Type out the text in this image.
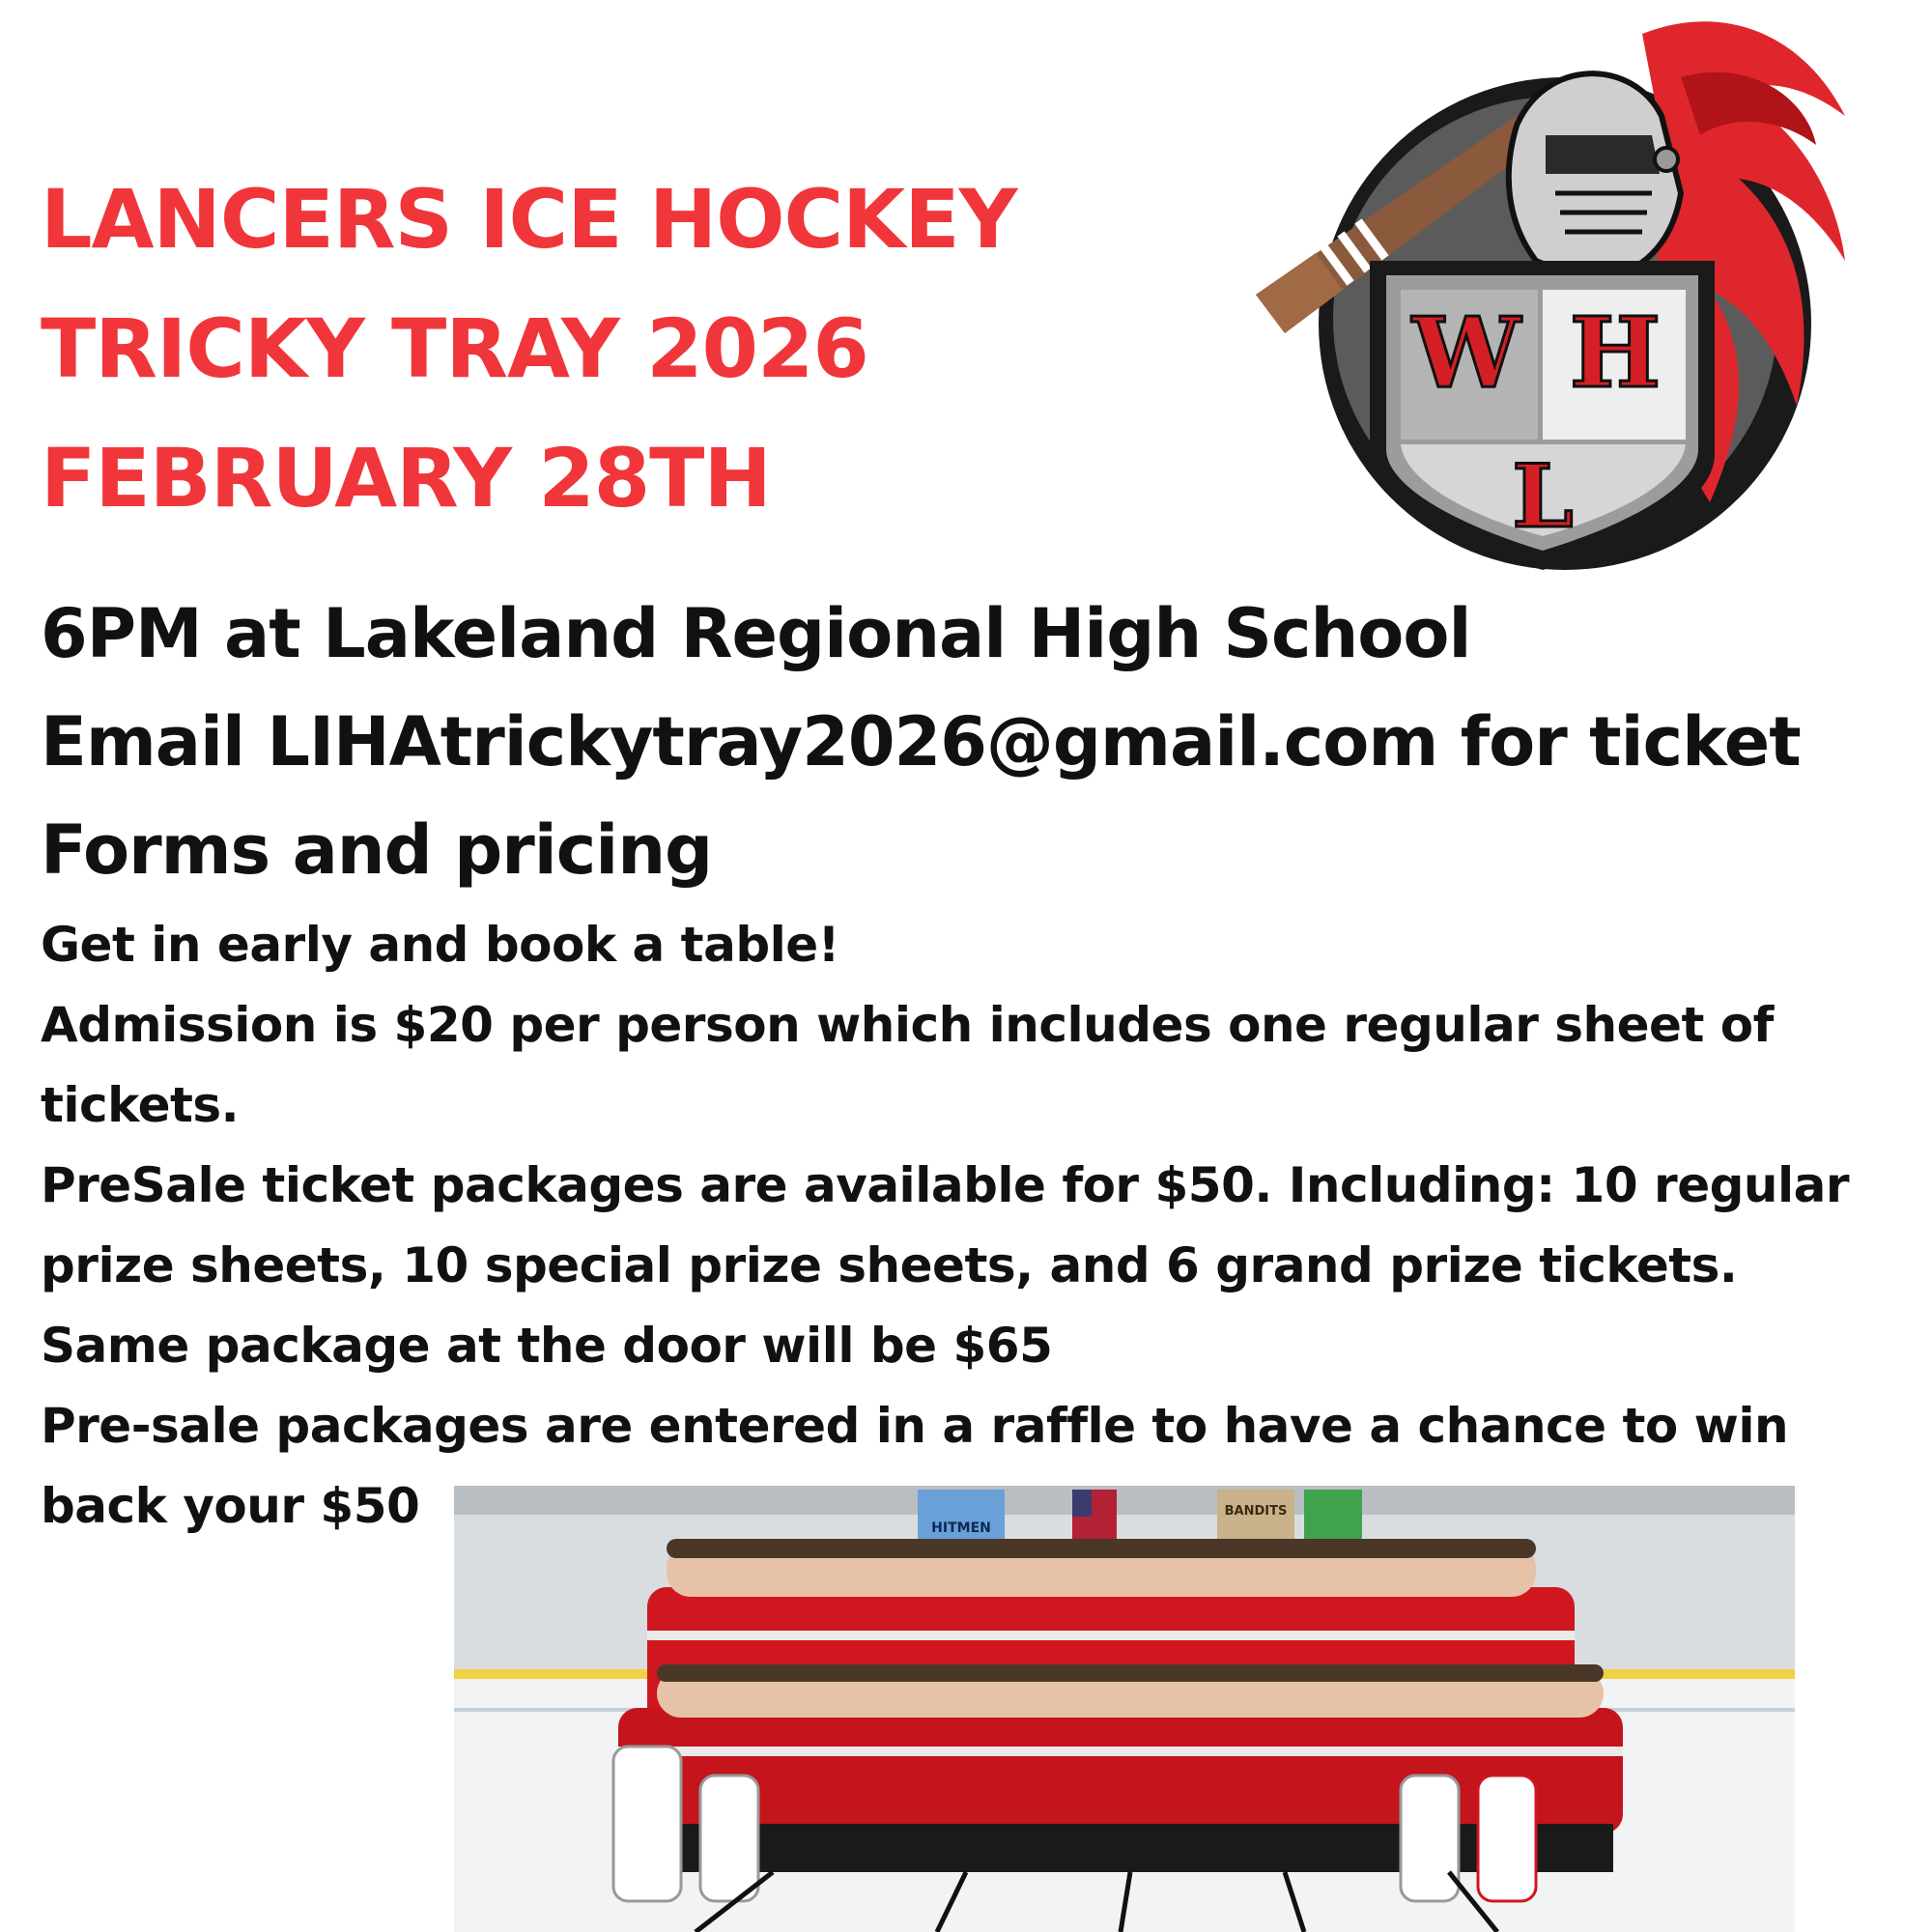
LANCERS ICE HOCKEY
TRICKY TRAY 2026
FEBRUARY 28TH
W H
L
6PM at Lakeland Regional High School
Email LIHAtrickytray2026@gmail.com for ticket
Forms and pricing
Get in early and book a table!
Admission is $20 per person which includes one regular sheet of
tickets.
PreSale ticket packages are available for $50. Including: 10 regular
prize sheets, 10 special prize sheets, and 6 grand prize tickets.
Same package at the door will be $65
Pre-sale packages are entered in a raffle to have a chance to win
back your $50	HITMEN
BANDITS
